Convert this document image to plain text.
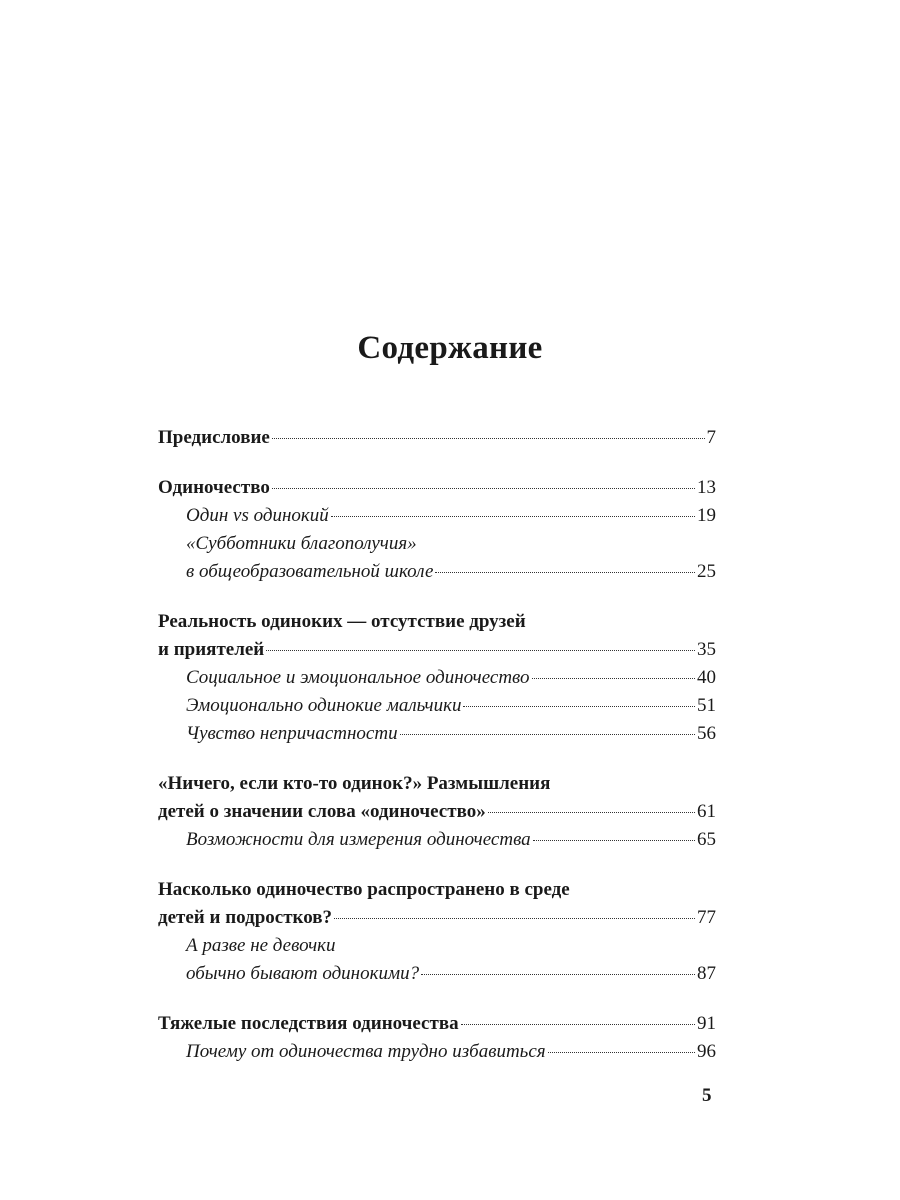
Содержание
Предисловие	7
Одиночество	13
Один vs одинокий	19
«Субботники благополучия»
в общеобразовательной школе	25
Реальность одиноких — отсутствие друзей
и приятелей	35
Социальное и эмоциональное одиночество	40
Эмоционально одинокие мальчики	51
Чувство непричастности	56
«Ничего, если кто-то одинок?» Размышления
детей о значении слова «одиночество»	61
Возможности для измерения одиночества	65
Насколько одиночество распространено в среде
детей и подростков?	77
А разве не девочки
обычно бывают одинокими?	87
Тяжелые последствия одиночества	91
Почему от одиночества трудно избавиться	96
5
